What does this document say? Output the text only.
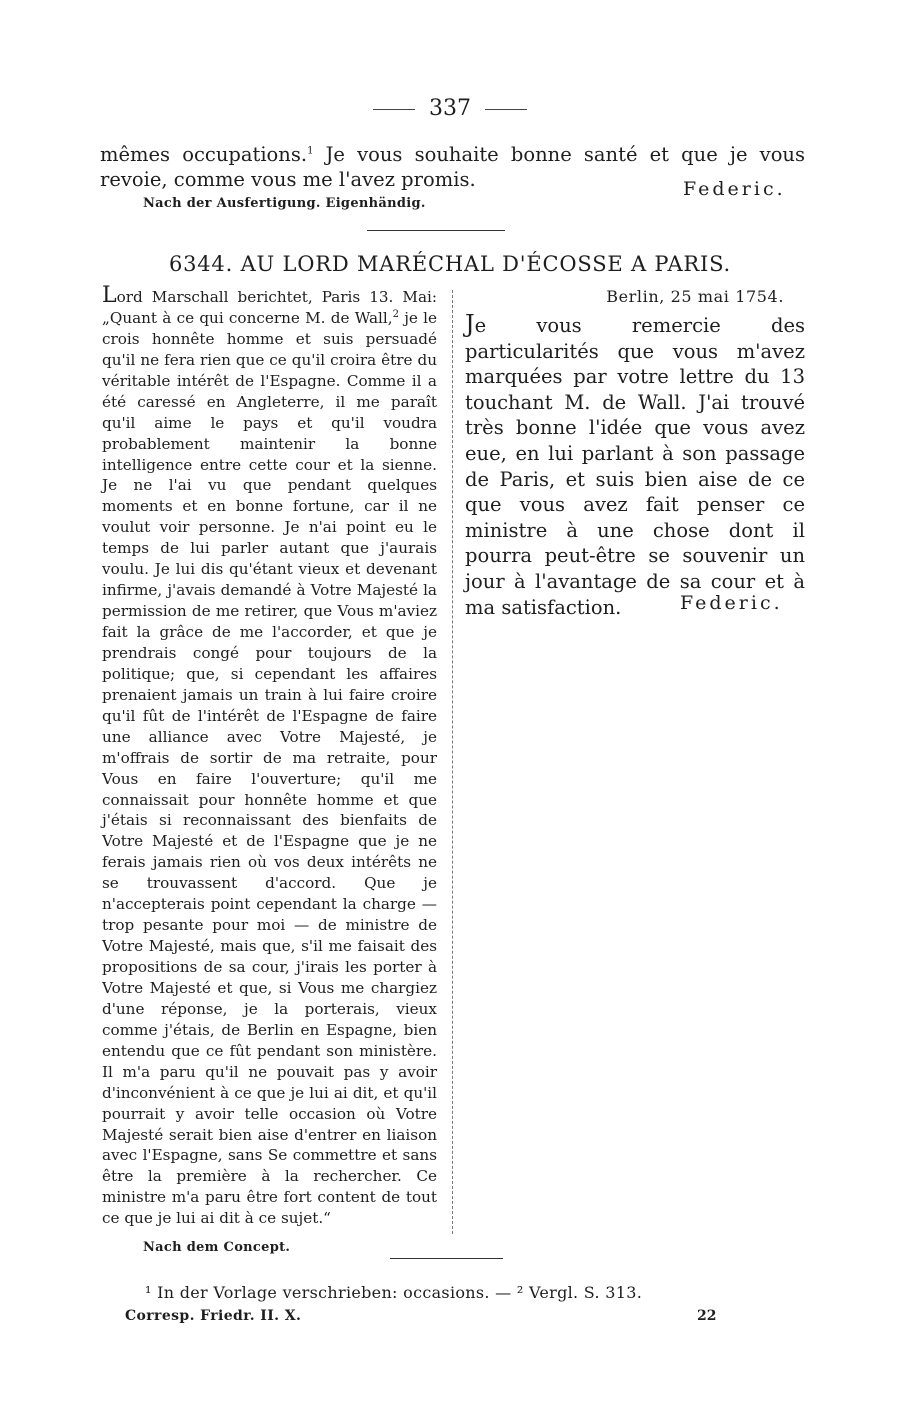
337
mêmes occupations.$^1$ Je vous souhaite bonne santé et que je vous revoie, comme vous me l'avez promis.	Federic.
Nach der Ausfertigung. Eigenhändig.
6344. AU LORD MARÉCHAL D'ÉCOSSE A PARIS.
Lord Marschall berichtet, Paris 13. Mai: „Quant à ce qui concerne M. de Wall,$^2$ je le crois honnête homme et suis persuadé qu'il ne fera rien que ce qu'il croira être du véritable intérêt de l'Espagne. Comme il a été caressé en Angleterre, il me paraît qu'il aime le pays et qu'il voudra probablement maintenir la bonne intelligence entre cette cour et la sienne. Je ne l'ai vu que pendant quelques moments et en bonne fortune, car il ne voulut voir personne. Je n'ai point eu le temps de lui parler autant que j'aurais voulu. Je lui dis qu'étant vieux et devenant infirme, j'avais demandé à Votre Majesté la permission de me retirer, que Vous m'aviez fait la grâce de me l'accorder, et que je prendrais congé pour toujours de la politique; que, si cependant les affaires prenaient jamais un train à lui faire croire qu'il fût de l'intérêt de l'Espagne de faire une alliance avec Votre Majesté, je m'offrais de sortir de ma retraite, pour Vous en faire l'ouverture; qu'il me connaissait pour honnête homme et que j'étais si reconnaissant des bienfaits de Votre Majesté et de l'Espagne que je ne ferais jamais rien où vos deux intérêts ne se trouvassent d'accord. Que je n'accepterais point cependant la charge — trop pesante pour moi — de ministre de Votre Majesté, mais que, s'il me faisait des propositions de sa cour, j'irais les porter à Votre Majesté et que, si Vous me chargiez d'une réponse, je la porterais, vieux comme j'étais, de Berlin en Espagne, bien entendu que ce fût pendant son ministère. Il m'a paru qu'il ne pouvait pas y avoir d'inconvénient à ce que je lui ai dit, et qu'il pourrait y avoir telle occasion où Votre Majesté serait bien aise d'entrer en liaison avec l'Espagne, sans Se commettre et sans être la première à la rechercher. Ce ministre m'a paru être fort content de tout ce que je lui ai dit à ce sujet.“
Berlin, 25 mai 1754.
Je vous remercie des particularités que vous m'avez marquées par votre lettre du 13 touchant M. de Wall. J'ai trouvé très bonne l'idée que vous avez eue, en lui parlant à son passage de Paris, et suis bien aise de ce que vous avez fait penser ce ministre à une chose dont il pourra peut-être se souvenir un jour à l'avantage de sa cour et à ma satisfaction.	Federic.
Nach dem Concept.
¹ In der Vorlage verschrieben: occasions. — ² Vergl. S. 313.
Corresp. Friedr. II. X.	22
